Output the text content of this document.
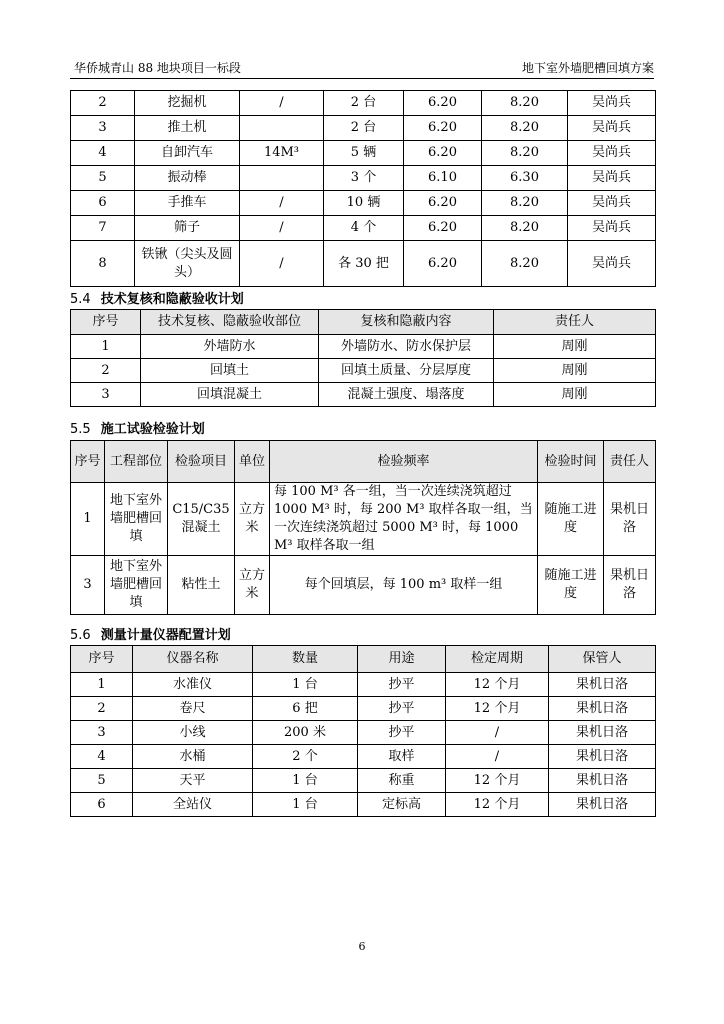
华侨城青山 88 地块项目一标段	地下室外墙肥槽回填方案
2	挖掘机	/	2 台	6.20	8.20	吴尚兵
3	推土机		2 台	6.20	8.20	吴尚兵
4	自卸汽车	14M³	5 辆	6.20	8.20	吴尚兵
5	振动棒		3 个	6.10	6.30	吴尚兵
6	手推车	/	10 辆	6.20	8.20	吴尚兵
7	筛子	/	4 个	6.20	8.20	吴尚兵
8	铁锹（尖头及圆头）	/	各 30 把	6.20	8.20	吴尚兵
5.4 技术复核和隐蔽验收计划
序号	技术复核、隐蔽验收部位	复核和隐蔽内容	责任人
1	外墙防水	外墙防水、防水保护层	周刚
2	回填土	回填土质量、分层厚度	周刚
3	回填混凝土	混凝土强度、塌落度	周刚
5.5 施工试验检验计划
序号	工程部位	检验项目	单位	检验频率	检验时间	责任人
1	地下室外墙肥槽回填	C15/C35 混凝土	立方米	每 100 M³ 各一组，当一次连续浇筑超过 1000 M³ 时，每 200 M³ 取样各取一组，当一次连续浇筑超过 5000 M³ 时，每 1000 M³ 取样各取一组	随施工进度	果机日洛
3	地下室外墙肥槽回填	粘性土	立方米	每个回填层，每 100 m³ 取样一组	随施工进度	果机日洛
5.6 测量计量仪器配置计划
序号	仪器名称	数量	用途	检定周期	保管人
1	水准仪	1 台	抄平	12 个月	果机日洛
2	卷尺	6 把	抄平	12 个月	果机日洛
3	小线	200 米	抄平	/	果机日洛
4	水桶	2 个	取样	/	果机日洛
5	天平	1 台	称重	12 个月	果机日洛
6	全站仪	1 台	定标高	12 个月	果机日洛
6
